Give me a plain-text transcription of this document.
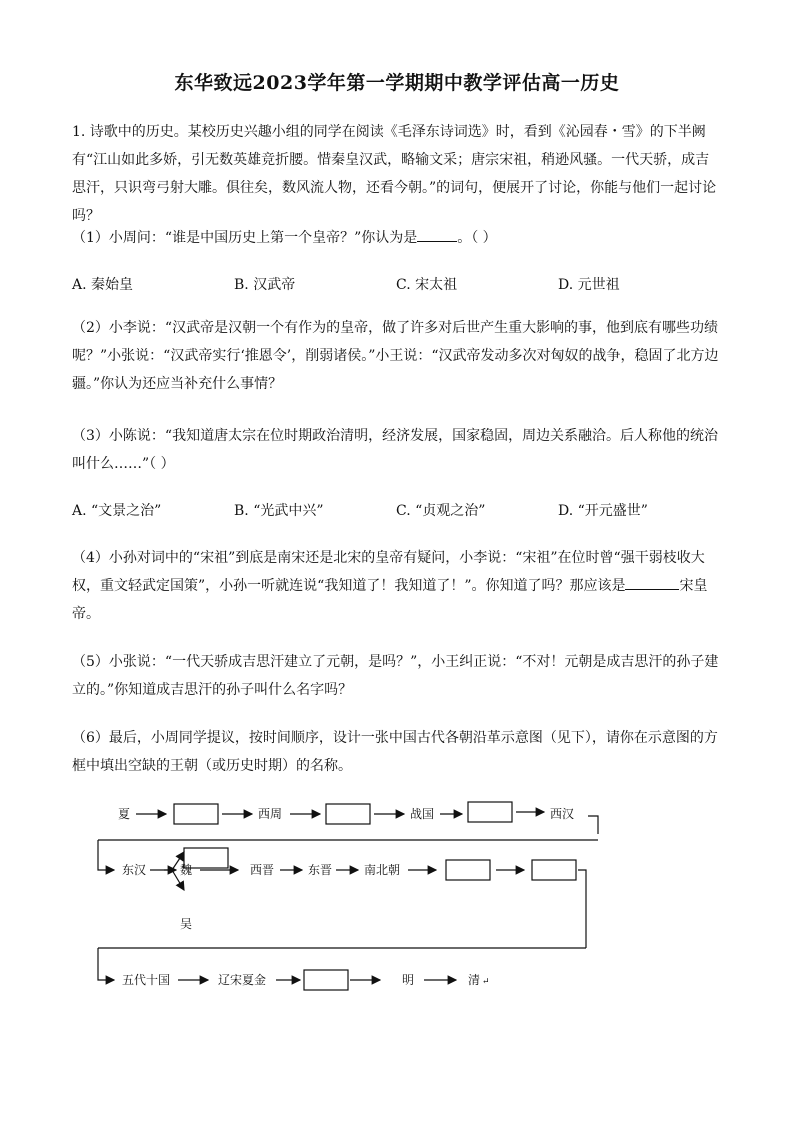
东华致远2023学年第一学期期中教学评估高一历史
1. 诗歌中的历史。某校历史兴趣小组的同学在阅读《毛泽东诗词选》时，看到《沁园春・雪》的下半阙有“江山如此多娇，引无数英雄竞折腰。惜秦皇汉武，略输文采；唐宗宋祖，稍逊风骚。一代天骄，成吉思汗，只识弯弓射大雕。俱往矣，数风流人物，还看今朝。”的词句，便展开了讨论，你能与他们一起讨论吗？
（1）小周问：“谁是中国历史上第一个皇帝？”你认为是	。（ ）
A. 秦始皇	B. 汉武帝	C. 宋太祖	D. 元世祖
（2）小李说：“汉武帝是汉朝一个有作为的皇帝，做了许多对后世产生重大影响的事，他到底有哪些功绩呢？”小张说：“汉武帝实行‘推恩令’，削弱诸侯。”小王说：“汉武帝发动多次对匈奴的战争，稳固了北方边疆。”你认为还应当补充什么事情？
（3）小陈说：“我知道唐太宗在位时期政治清明，经济发展，国家稳固，周边关系融洽。后人称他的统治叫什么……”（ ）
A. “文景之治”	B. “光武中兴”	C. “贞观之治”	D. “开元盛世”
（4）小孙对词中的“宋祖”到底是南宋还是北宋的皇帝有疑问，小李说：“宋祖”在位时曾“强干弱枝收大权，重文轻武定国策”，小孙一听就连说“我知道了！我知道了！”。你知道了吗？那应该是	宋皇帝。
（5）小张说：“一代天骄成吉思汗建立了元朝，是吗？”，小王纠正说：“不对！元朝是成吉思汗的孙子建立的。”你知道成吉思汗的孙子叫什么名字吗？
（6）最后，小周同学提议，按时间顺序，设计一张中国古代各朝沿革示意图（见下），请你在示意图的方框中填出空缺的王朝（或历史时期）的名称。
夏	西周	战国	西汉
东汉	魏
吴
西晋	东晋	南北朝
五代十国	辽宋夏金	明	清 ↵
